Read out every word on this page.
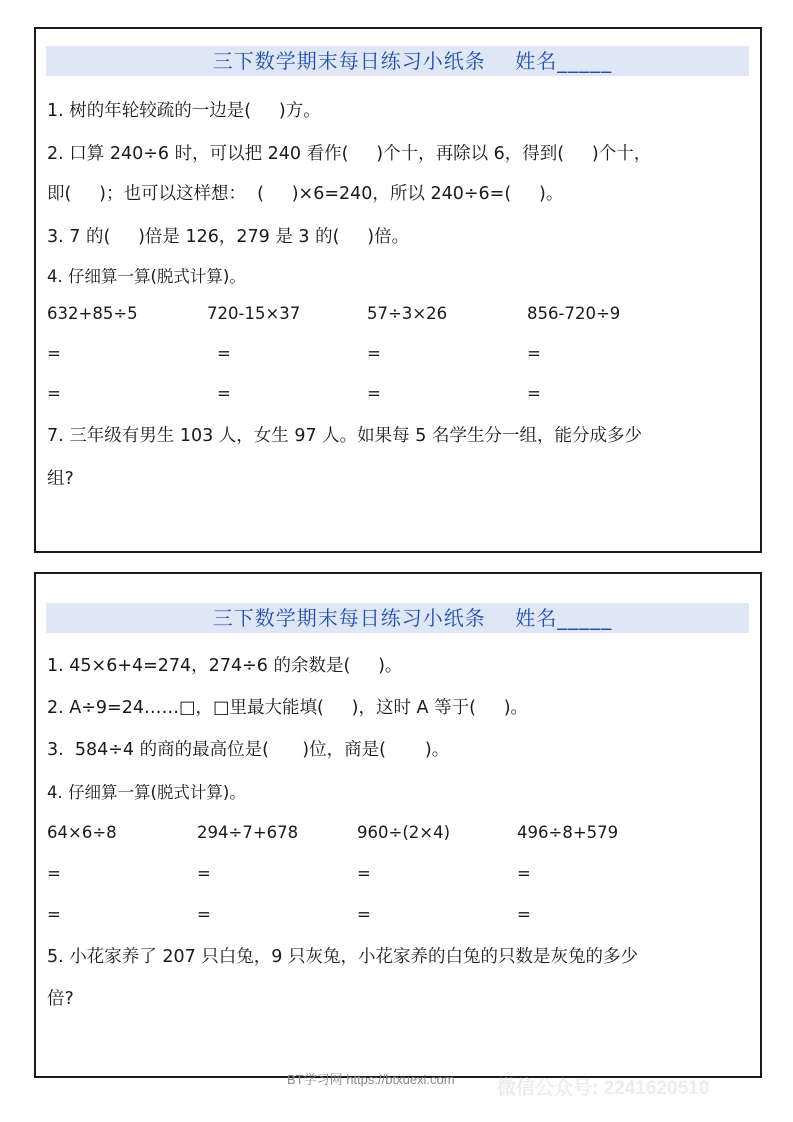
三下数学期末每日练习小纸条    姓名_____
1. 树的年轮较疏的一边是(     )方。
2. 口算 240÷6 时，可以把 240 看作(     )个十，再除以 6，得到(     )个十，
即(     )；也可以这样想：  (     )×6=240，所以 240÷6=(     )。
3. 7 的(     )倍是 126，279 是 3 的(     )倍。
4. 仔细算一算(脱式计算)。
632+85÷5	720-15×37	57÷3×26	856-720÷9
=	=	=	=
=	=	=	=
7. 三年级有男生 103 人，女生 97 人。如果每 5 名学生分一组，能分成多少
组?
三下数学期末每日练习小纸条    姓名_____
1. 45×6+4=274，274÷6 的余数是(     )。
2. A÷9=24……□，□里最大能填(     )，这时 A 等于(     )。
3.  584÷4 的商的最高位是(      )位，商是(       )。
4. 仔细算一算(脱式计算)。
64×6÷8	294÷7+678	960÷(2×4)	496÷8+579
=	=	=	=
=	=	=	=
5. 小花家养了 207 只白兔，9 只灰兔，小花家养的白兔的只数是灰兔的多少
倍?
BT学习网 https://btxuexi.com 微信公众号: 2241620510
